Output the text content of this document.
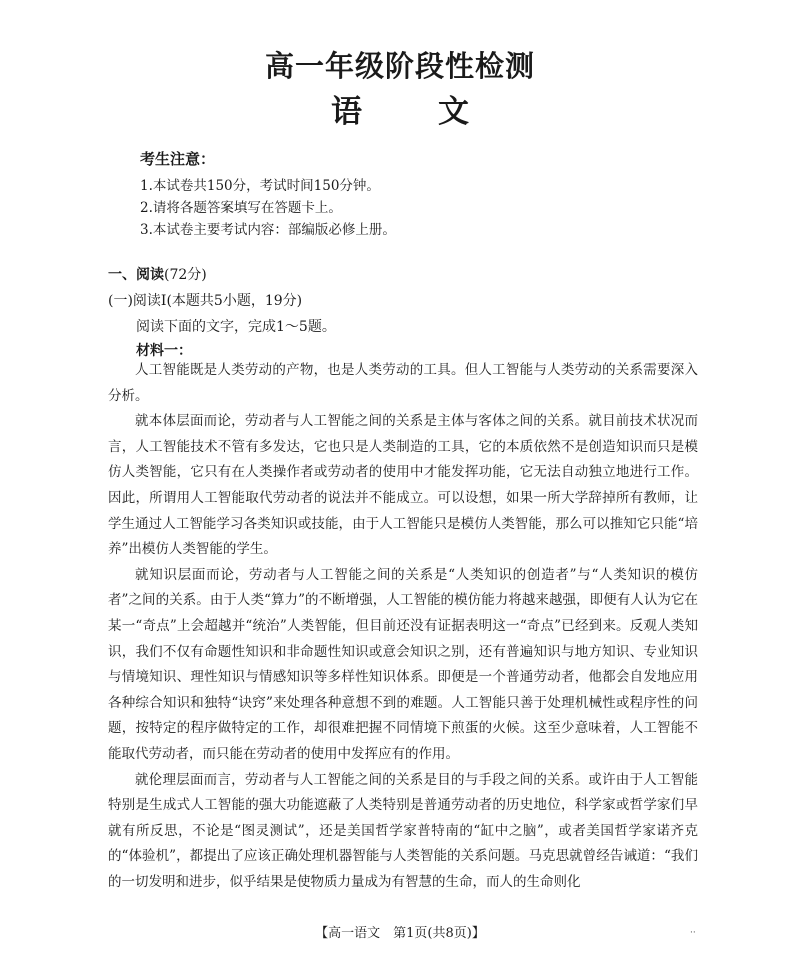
高一年级阶段性检测
语 文

考生注意：

1.本试卷共150分，考试时间150分钟。

2.请将各题答案填写在答题卡上。

3.本试卷主要考试内容：部编版必修上册。

一、阅读(72分)

(一)阅读Ⅰ(本题共5小题，19分)

阅读下面的文字，完成1～5题。

材料一：

人工智能既是人类劳动的产物，也是人类劳动的工具。但人工智能与人类劳动的关系需要深入分析。

就本体层面而论，劳动者与人工智能之间的关系是主体与客体之间的关系。就目前技术状况而言，人工智能技术不管有多发达，它也只是人类制造的工具，它的本质依然不是创造知识而只是模仿人类智能，它只有在人类操作者或劳动者的使用中才能发挥功能，它无法自动独立地进行工作。因此，所谓用人工智能取代劳动者的说法并不能成立。可以设想，如果一所大学辞掉所有教师，让学生通过人工智能学习各类知识或技能，由于人工智能只是模仿人类智能，那么可以推知它只能“培养”出模仿人类智能的学生。

就知识层面而论，劳动者与人工智能之间的关系是“人类知识的创造者”与“人类知识的模仿者”之间的关系。由于人类“算力”的不断增强，人工智能的模仿能力将越来越强，即便有人认为它在某一“奇点”上会超越并“统治”人类智能，但目前还没有证据表明这一“奇点”已经到来。反观人类知识，我们不仅有命题性知识和非命题性知识或意会知识之别，还有普遍知识与地方知识、专业知识与情境知识、理性知识与情感知识等多样性知识体系。即便是一个普通劳动者，他都会自发地应用各种综合知识和独特“诀窍”来处理各种意想不到的难题。人工智能只善于处理机械性或程序性的问题，按特定的程序做特定的工作，却很难把握不同情境下煎蛋的火候。这至少意味着，人工智能不能取代劳动者，而只能在劳动者的使用中发挥应有的作用。

就伦理层面而言，劳动者与人工智能之间的关系是目的与手段之间的关系。或许由于人工智能特别是生成式人工智能的强大功能遮蔽了人类特别是普通劳动者的历史地位，科学家或哲学家们早就有所反思，不论是“图灵测试”，还是美国哲学家普特南的“缸中之脑”，或者美国哲学家诺齐克的“体验机”，都提出了应该正确处理机器智能与人类智能的关系问题。马克思就曾经告诫道：“我们的一切发明和进步，似乎结果是使物质力量成为有智慧的生命，而人的生命则化

【高一语文　第1页(共8页)】	··
